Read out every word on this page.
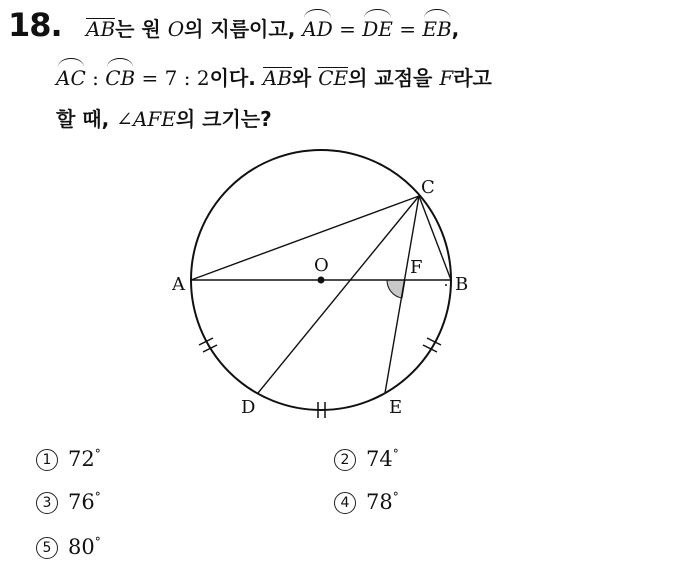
18. AB는 원 O의 지름이고, AD = DE = EB,
AC : CB = 7 : 2이다. AB와 CE의 교점을 F라고
할 때, ∠AFE의 크기는?
A	B
C
D	E
F
O
1 72°	2 74°
3 76°	4 78°
5 80°
